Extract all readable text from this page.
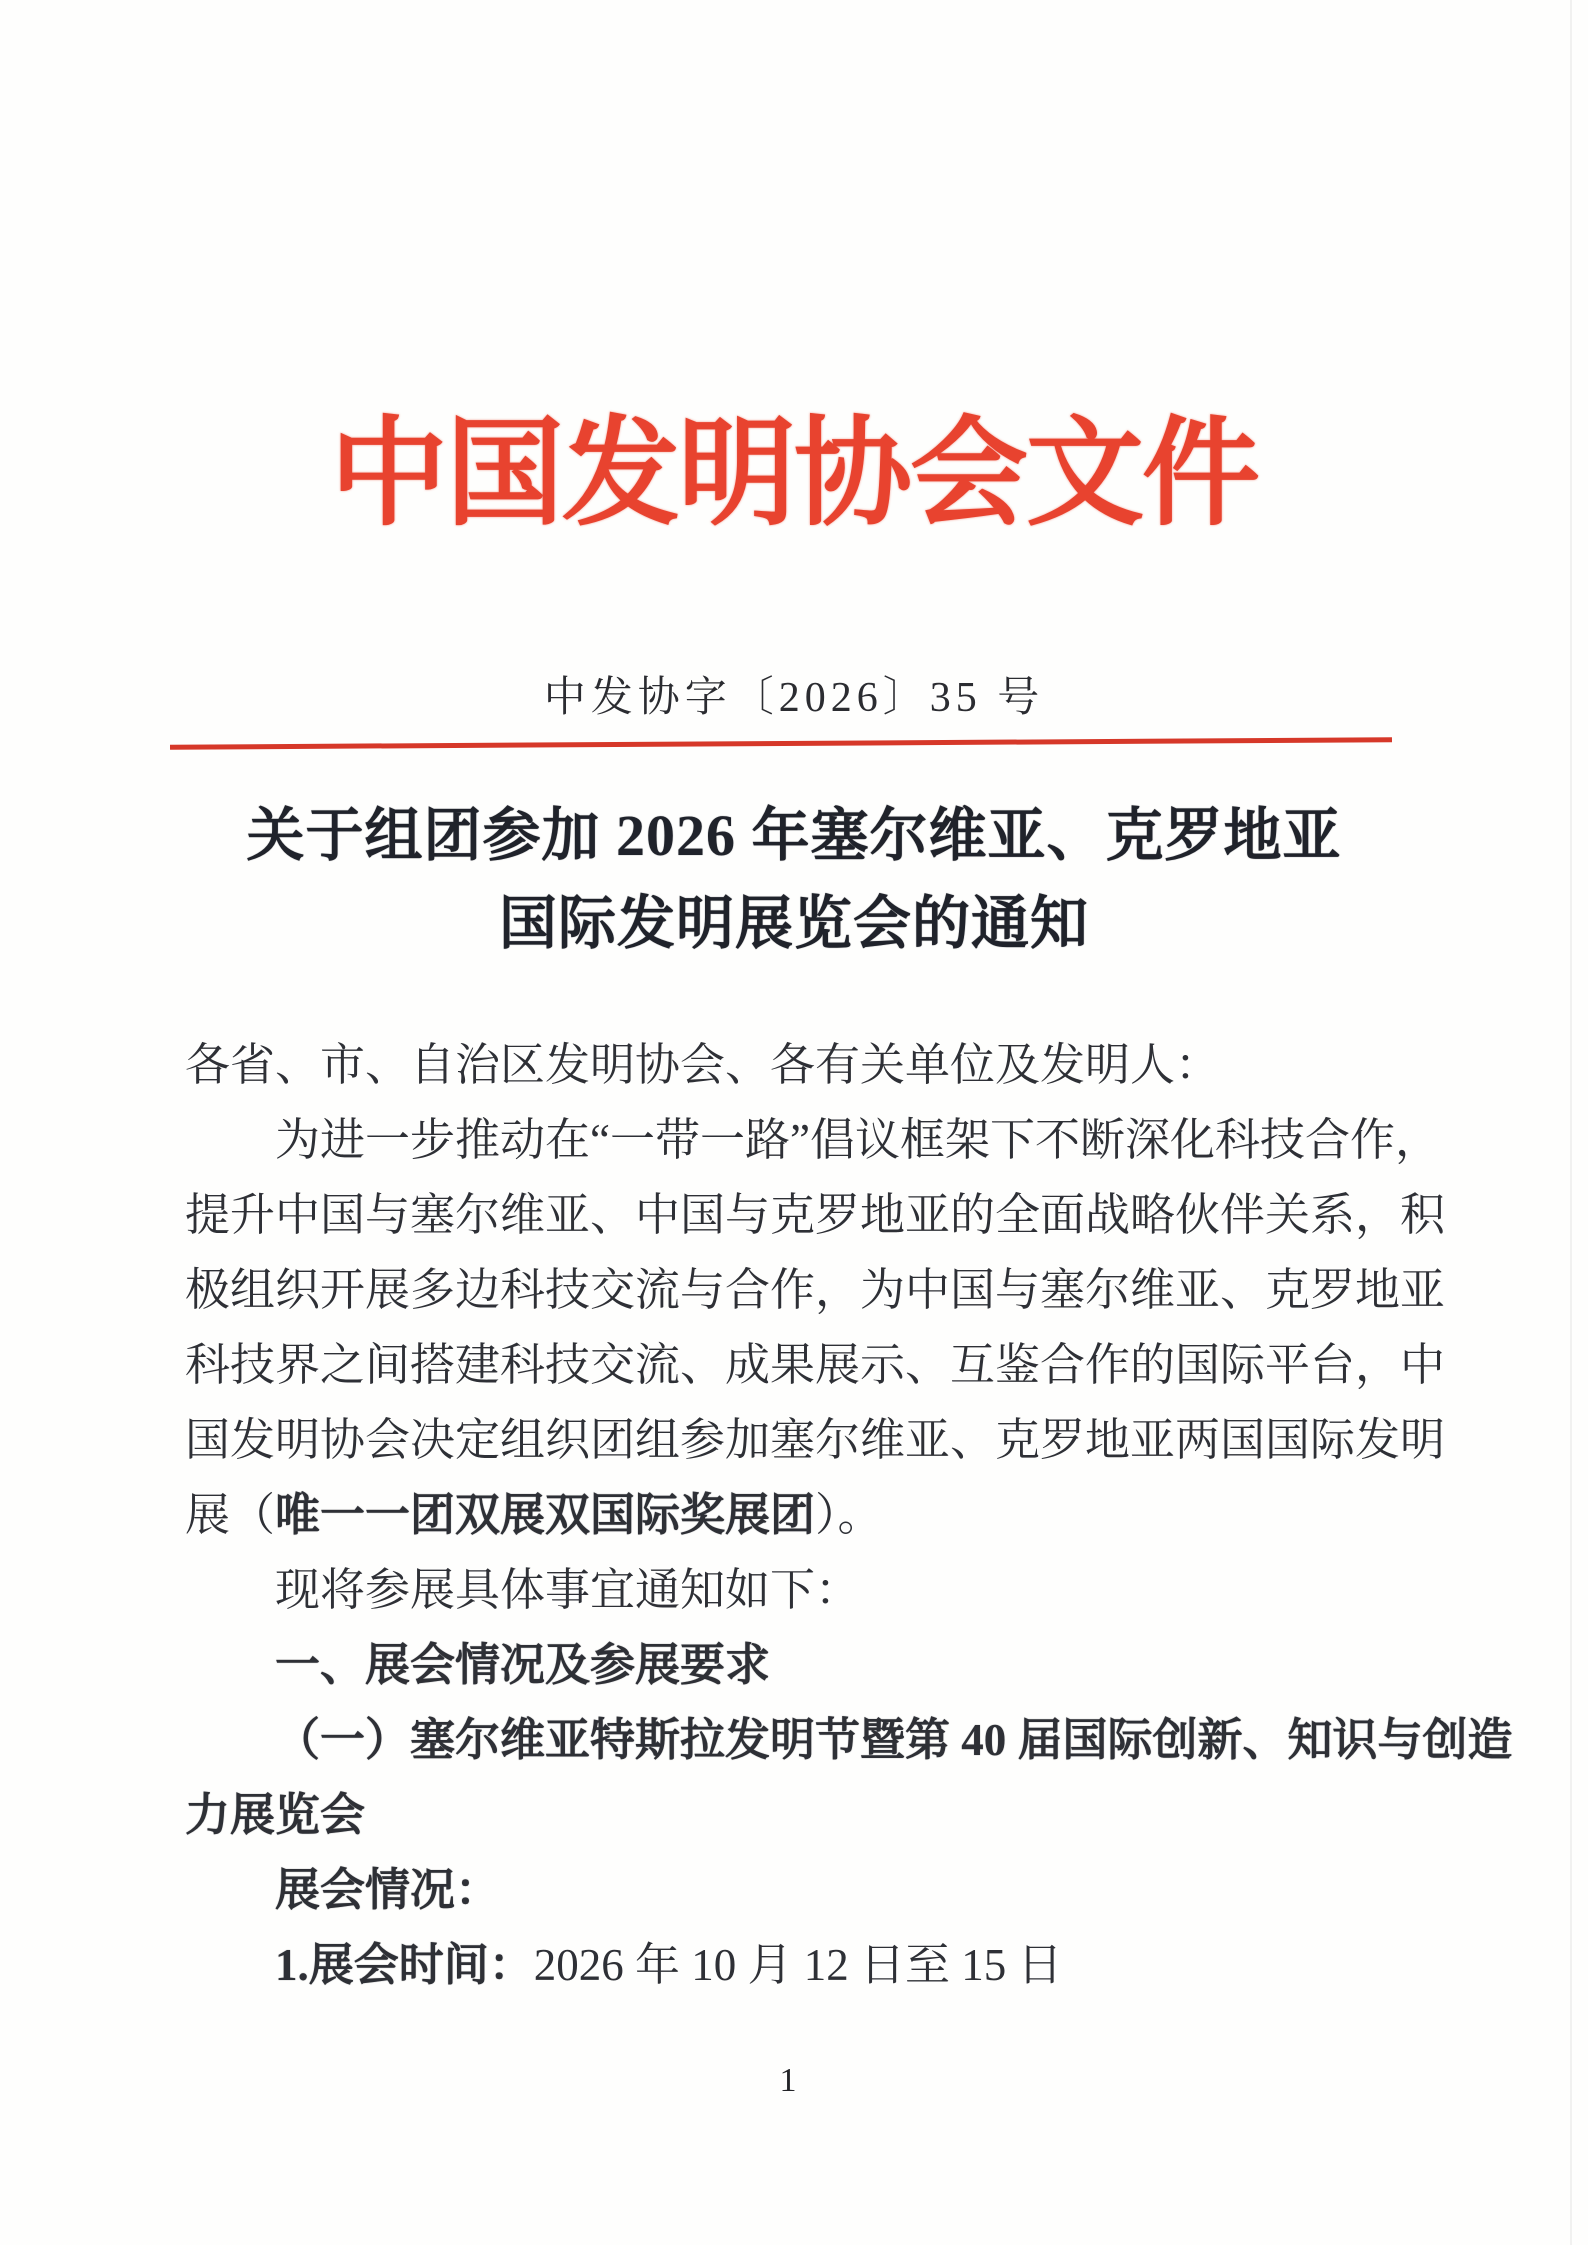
中国发明协会文件
中发协字〔2026〕35 号
关于组团参加 2026 年塞尔维亚、克罗地亚
国际发明展览会的通知
各省、市、自治区发明协会、各有关单位及发明人：
为进一步推动在“一带一路”倡议框架下不断深化科技合作，
提升中国与塞尔维亚、中国与克罗地亚的全面战略伙伴关系，积
极组织开展多边科技交流与合作，为中国与塞尔维亚、克罗地亚
科技界之间搭建科技交流、成果展示、互鉴合作的国际平台，中
国发明协会决定组织团组参加塞尔维亚、克罗地亚两国国际发明
展（唯一一团双展双国际奖展团）。
现将参展具体事宜通知如下：
一、展会情况及参展要求
（一）塞尔维亚特斯拉发明节暨第 40 届国际创新、知识与创造
力展览会
展会情况：
1.展会时间：2026 年 10 月 12 日至 15 日
1
